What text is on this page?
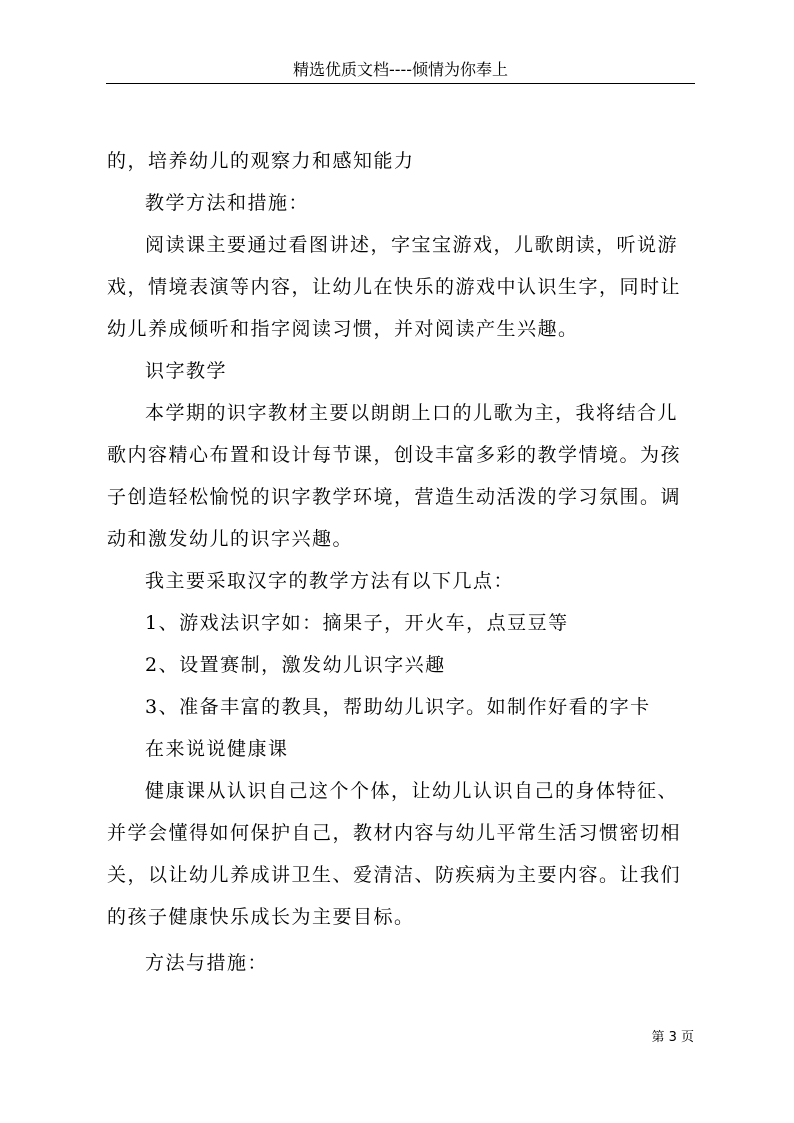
精选优质文档----倾情为你奉上

的，培养幼儿的观察力和感知能力

教学方法和措施：

阅读课主要通过看图讲述，字宝宝游戏，儿歌朗读，听说游

戏，情境表演等内容，让幼儿在快乐的游戏中认识生字，同时让

幼儿养成倾听和指字阅读习惯，并对阅读产生兴趣。

识字教学

本学期的识字教材主要以朗朗上口的儿歌为主，我将结合儿

歌内容精心布置和设计每节课，创设丰富多彩的教学情境。为孩

子创造轻松愉悦的识字教学环境，营造生动活泼的学习氛围。调

动和激发幼儿的识字兴趣。

我主要采取汉字的教学方法有以下几点：

1、游戏法识字如：摘果子，开火车，点豆豆等

2、设置赛制，激发幼儿识字兴趣

3、准备丰富的教具，帮助幼儿识字。如制作好看的字卡

在来说说健康课

健康课从认识自己这个个体，让幼儿认识自己的身体特征、

并学会懂得如何保护自己，教材内容与幼儿平常生活习惯密切相

关，以让幼儿养成讲卫生、爱清洁、防疾病为主要内容。让我们

的孩子健康快乐成长为主要目标。

方法与措施：

第 3 页
